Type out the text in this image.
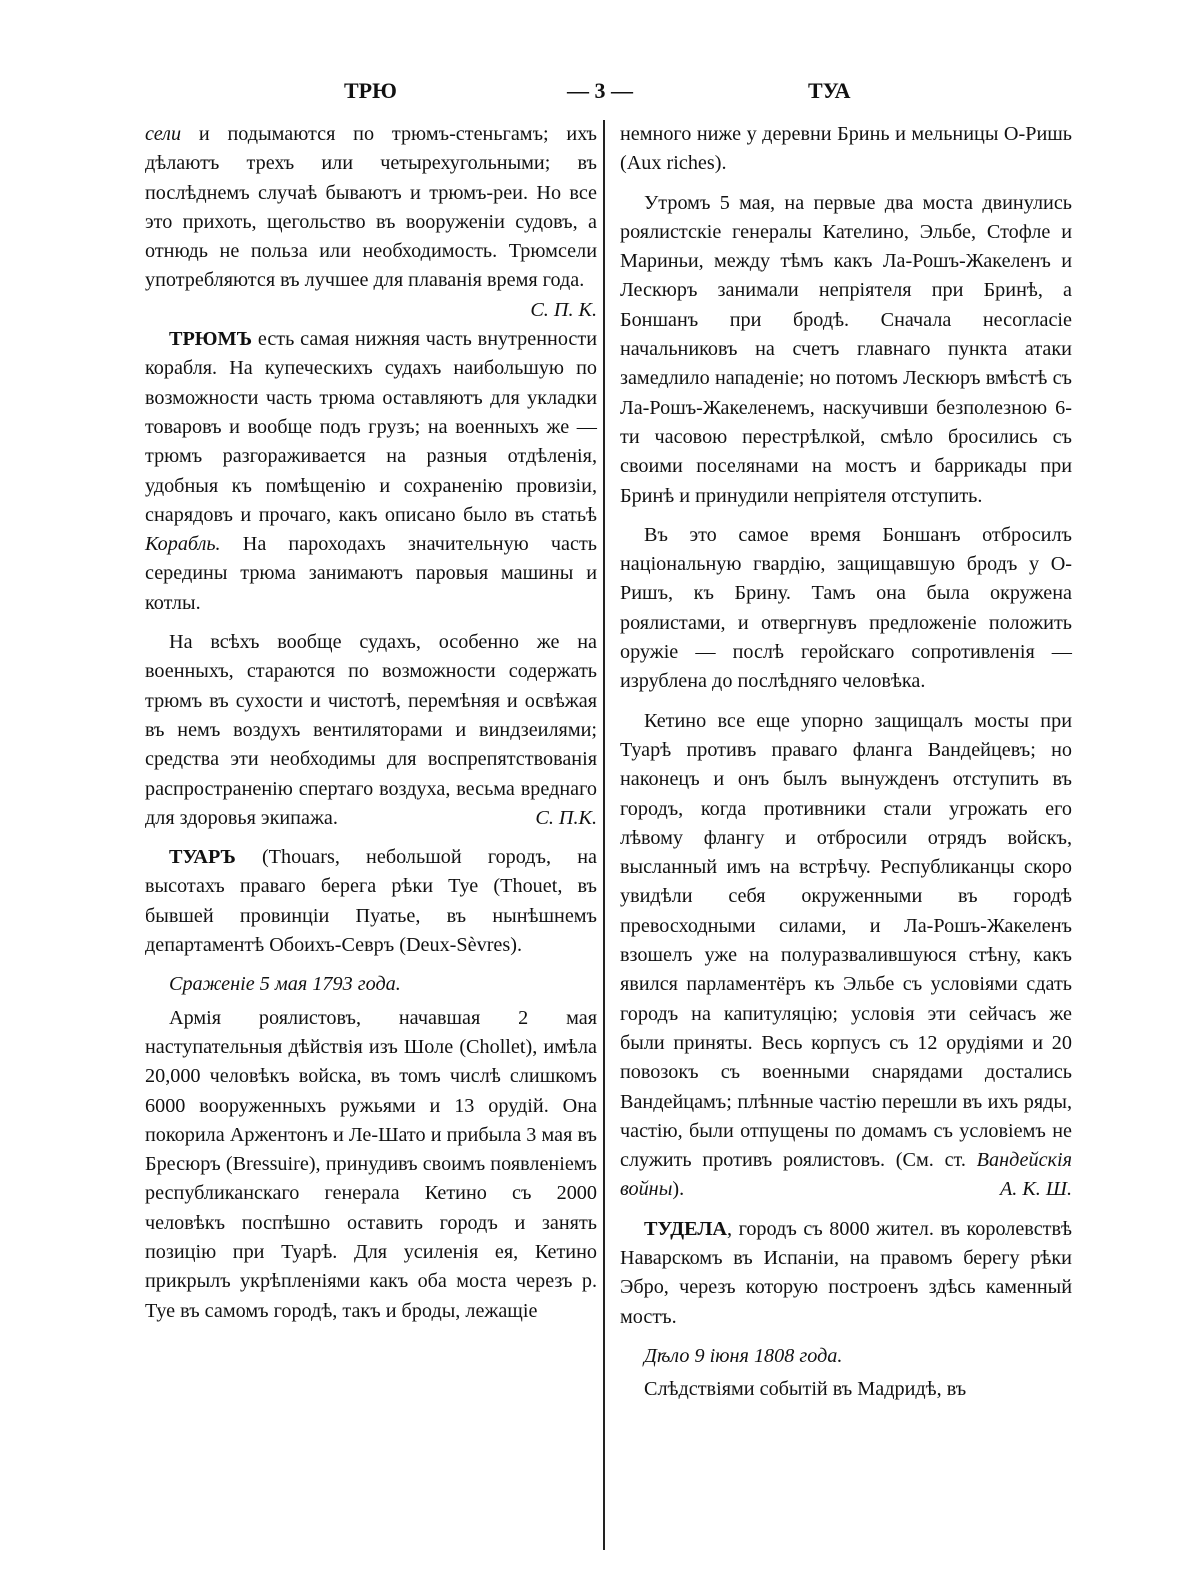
ТРЮ	— 3 —	ТУА

сели и подымаются по трюмъ-стеньгамъ; ихъ дѣлаютъ трехъ или четырехугольными; въ послѣднемъ случаѣ бываютъ и трюмъ-реи. Но все это прихоть, щегольство въ вооруженіи судовъ, а отнюдь не польза или необходимость. Трюмсели употребляются въ лучшее для плаванія время года.
С. П. К.

ТРЮМЪ есть самая нижняя часть внутренности корабля. На купеческихъ судахъ наибольшую по возможности часть трюма оставляютъ для укладки товаровъ и вообще подъ грузъ; на военныхъ же — трюмъ разгораживается на разныя отдѣленія, удобныя къ помѣщенію и сохраненію провизіи, снарядовъ и прочаго, какъ описано было въ статьѣ Корабль. На пароходахъ значительную часть середины трюма занимаютъ паровыя машины и котлы.

На всѣхъ вообще судахъ, особенно же на военныхъ, стараются по возможности содержать трюмъ въ сухости и чистотѣ, перемѣняя и освѣжая въ немъ воздухъ вентиляторами и виндзеилями; средства эти необходимы для воспрепятствованія распространенію спертаго воздуха, весьма вреднаго для здоровья экипажа.	С. П.К.

ТУАРЪ (Thouars, небольшой городъ, на высотахъ праваго берега рѣки Туе (Thouet, въ бывшей провинціи Пуатье, въ нынѣшнемъ департаментѣ Обоихъ-Севръ (Deux-Sèvres).

Сраженіе 5 мая 1793 года.

Армія роялистовъ, начавшая 2 мая наступательныя дѣйствія изъ Шоле (Chollet), имѣла 20,000 человѣкъ войска, въ томъ числѣ слишкомъ 6000 вооруженныхъ ружьями и 13 орудій. Она покорила Аржентонъ и Ле-Шато и прибыла 3 мая въ Бресюръ (Bressuire), принудивъ своимъ появленіемъ республиканскаго генерала Кетино съ 2000 человѣкъ поспѣшно оставить городъ и занять позицію при Туарѣ. Для усиленія ея, Кетино прикрылъ укрѣпленіями какъ оба моста черезъ р. Туе въ самомъ городѣ, такъ и броды, лежащіе

немного ниже у деревни Бринь и мельницы О-Ришь (Aux riches).

Утромъ 5 мая, на первые два моста двинулись роялистскіе генералы Кателино, Эльбе, Стофле и Мариньи, между тѣмъ какъ Ла-Рошъ-Жакеленъ и Лескюръ занимали непріятеля при Бринѣ, а Боншанъ при бродѣ. Сначала несогласіе начальниковъ на счетъ главнаго пункта атаки замедлило нападеніе; но потомъ Лескюръ вмѣстѣ съ Ла-Рошъ-Жакеленемъ, наскучивши безполезною 6-ти часовою перестрѣлкой, смѣло бросились съ своими поселянами на мостъ и баррикады при Бринѣ и принудили непріятеля отступить.

Въ это самое время Боншанъ отбросилъ національную гвардію, защищавшую бродъ у О-Ришъ, къ Брину. Тамъ она была окружена роялистами, и отвергнувъ предложеніе положить оружіе — послѣ геройскаго сопротивленія — изрублена до послѣдняго человѣка.

Кетино все еще упорно защищалъ мосты при Туарѣ противъ праваго фланга Вандейцевъ; но наконецъ и онъ былъ вынужденъ отступить въ городъ, когда противники стали угрожать его лѣвому флангу и отбросили отрядъ войскъ, высланный имъ на встрѣчу. Республиканцы скоро увидѣли себя окруженными въ городѣ превосходными силами, и Ла-Рошъ-Жакеленъ взошелъ уже на полуразвалившуюся стѣну, какъ явился парламентёръ къ Эльбе съ условіями сдать городъ на капитуляцію; условія эти сейчасъ же были приняты. Весь корпусъ съ 12 орудіями и 20 повозокъ съ военными снарядами достались Вандейцамъ; плѣнные частію перешли въ ихъ ряды, частію, были отпущены по домамъ съ условіемъ не служить противъ роялистовъ. (См. ст. Вандейскія войны).	А. К. Ш.

ТУДЕЛА, городъ съ 8000 жител. въ королевствѣ Наварскомъ въ Испаніи, на правомъ берегу рѣки Эбро, черезъ которую построенъ здѣсь каменный мостъ.

Дѣло 9 іюня 1808 года.

Слѣдствіями событій въ Мадридѣ, въ
